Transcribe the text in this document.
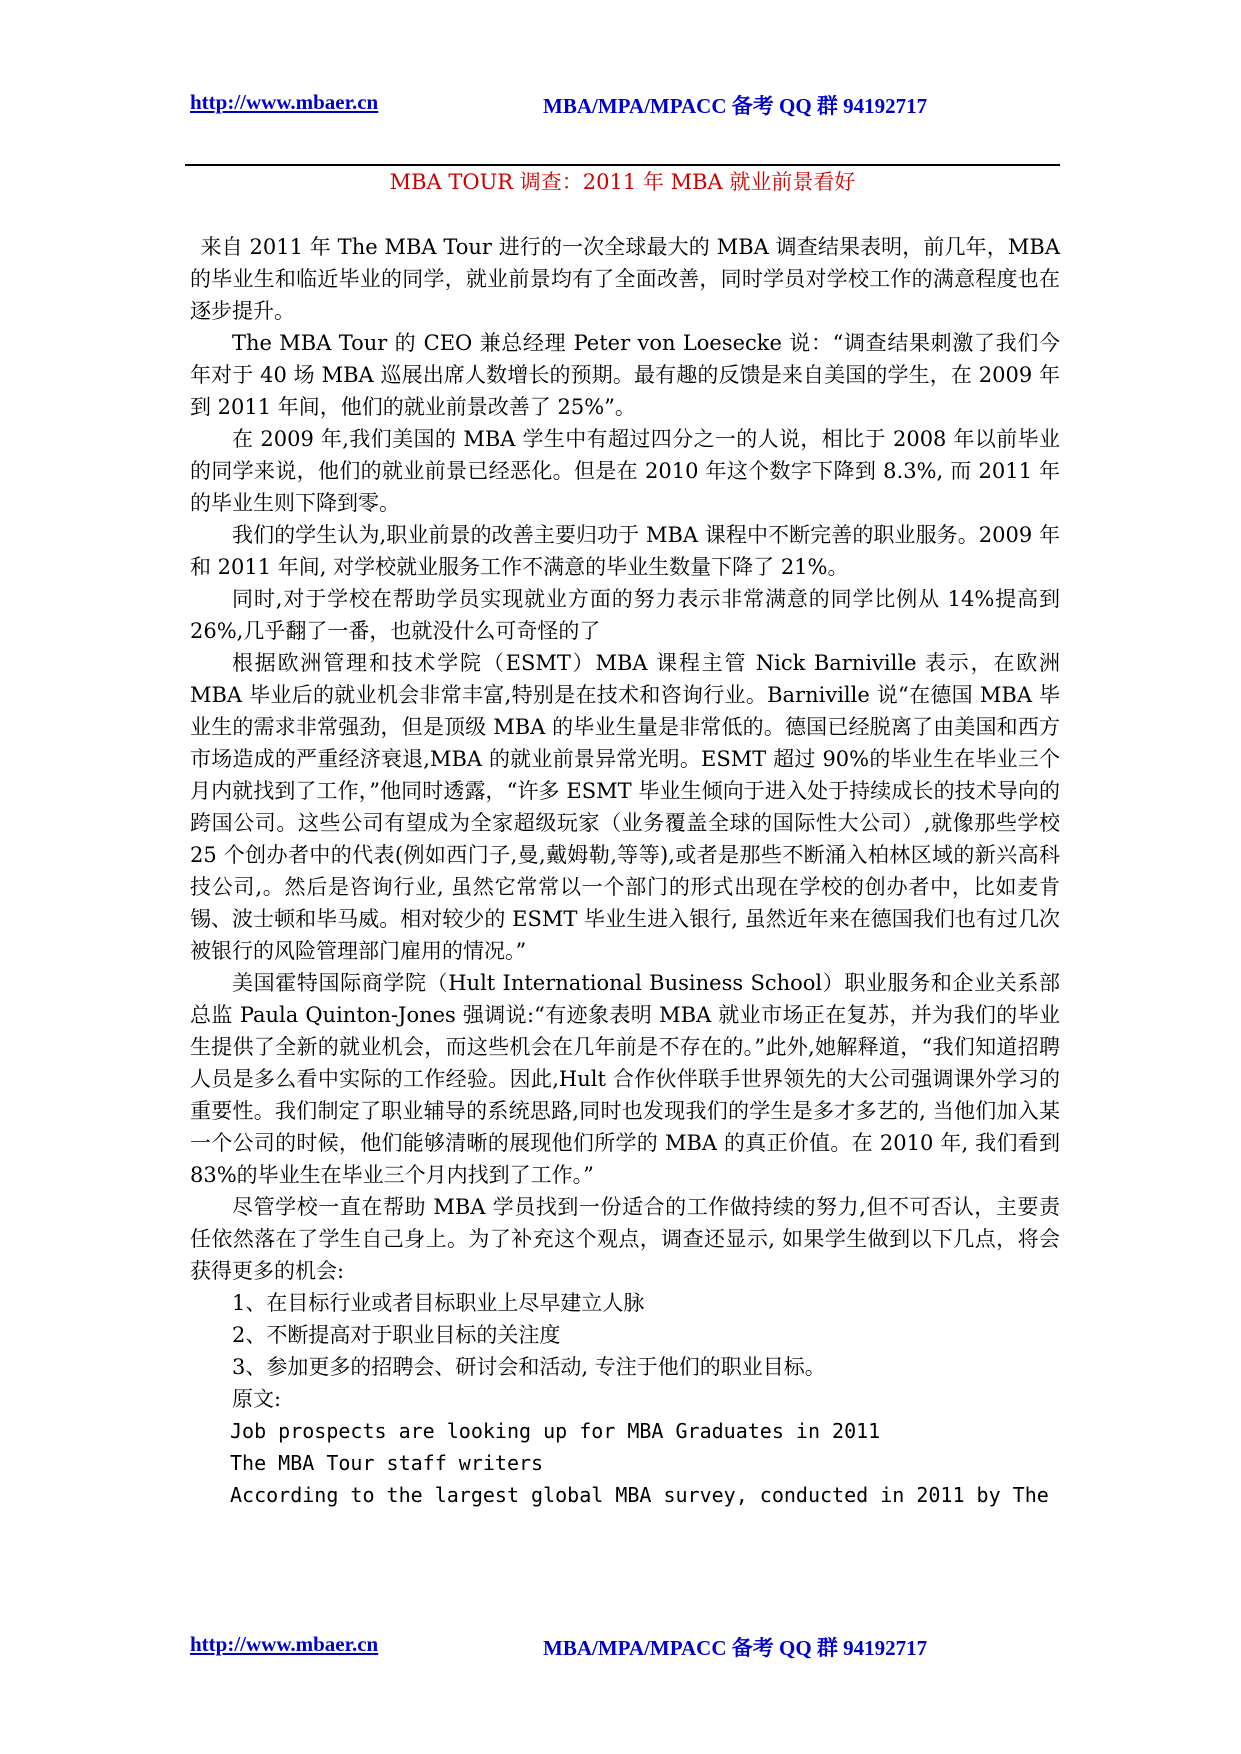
http://www.mbaer.cn	MBA/MPA/MPACC 备考 QQ 群 94192717
MBA TOUR 调查：2011 年 MBA 就业前景看好

来自 2011 年 The MBA Tour 进行的一次全球最大的 MBA 调查结果表明，前几年，MBA 的毕业生和临近毕业的同学，就业前景均有了全面改善，同时学员对学校工作的满意程度也在逐步提升。

The MBA Tour 的 CEO 兼总经理 Peter von Loesecke 说：“调查结果刺激了我们今年对于 40 场 MBA 巡展出席人数增长的预期。最有趣的反馈是来自美国的学生，在 2009 年到 2011 年间，他们的就业前景改善了 25%”。

在 2009 年,我们美国的 MBA 学生中有超过四分之一的人说，相比于 2008 年以前毕业的同学来说，他们的就业前景已经恶化。但是在 2010 年这个数字下降到 8.3%, 而 2011 年的毕业生则下降到零。

我们的学生认为,职业前景的改善主要归功于 MBA 课程中不断完善的职业服务。2009 年和 2011 年间, 对学校就业服务工作不满意的毕业生数量下降了 21%。

同时,对于学校在帮助学员实现就业方面的努力表示非常满意的同学比例从 14%提高到 26%,几乎翻了一番，也就没什么可奇怪的了

根据欧洲管理和技术学院（ESMT）MBA 课程主管 Nick Barniville 表示，在欧洲 MBA 毕业后的就业机会非常丰富,特别是在技术和咨询行业。Barniville 说“在德国 MBA 毕业生的需求非常强劲，但是顶级 MBA 的毕业生量是非常低的。德国已经脱离了由美国和西方市场造成的严重经济衰退,MBA 的就业前景异常光明。ESMT 超过 90%的毕业生在毕业三个月内就找到了工作，”他同时透露，“许多 ESMT 毕业生倾向于进入处于持续成长的技术导向的跨国公司。这些公司有望成为全家超级玩家（业务覆盖全球的国际性大公司）,就像那些学校 25 个创办者中的代表(例如西门子,曼,戴姆勒,等等),或者是那些不断涌入柏林区域的新兴高科技公司,。然后是咨询行业, 虽然它常常以一个部门的形式出现在学校的创办者中，比如麦肯锡、波士顿和毕马威。相对较少的 ESMT 毕业生进入银行, 虽然近年来在德国我们也有过几次被银行的风险管理部门雇用的情况。”

美国霍特国际商学院（Hult International Business School）职业服务和企业关系部总监 Paula Quinton-Jones 强调说:“有迹象表明 MBA 就业市场正在复苏，并为我们的毕业生提供了全新的就业机会，而这些机会在几年前是不存在的。”此外,她解释道，“我们知道招聘人员是多么看中实际的工作经验。因此,Hult 合作伙伴联手世界领先的大公司强调课外学习的重要性。我们制定了职业辅导的系统思路,同时也发现我们的学生是多才多艺的, 当他们加入某一个公司的时候，他们能够清晰的展现他们所学的 MBA 的真正价值。在 2010 年, 我们看到 83%的毕业生在毕业三个月内找到了工作。”

尽管学校一直在帮助 MBA 学员找到一份适合的工作做持续的努力,但不可否认，主要责任依然落在了学生自己身上。为了补充这个观点，调查还显示, 如果学生做到以下几点，将会获得更多的机会:

1、在目标行业或者目标职业上尽早建立人脉

2、不断提高对于职业目标的关注度

3、参加更多的招聘会、研讨会和活动, 专注于他们的职业目标。

原文:

Job prospects are looking up for MBA Graduates in 2011

The MBA Tour staff writers

According to the largest global MBA survey, conducted in 2011 by The

http://www.mbaer.cn	MBA/MPA/MPACC 备考 QQ 群 94192717
